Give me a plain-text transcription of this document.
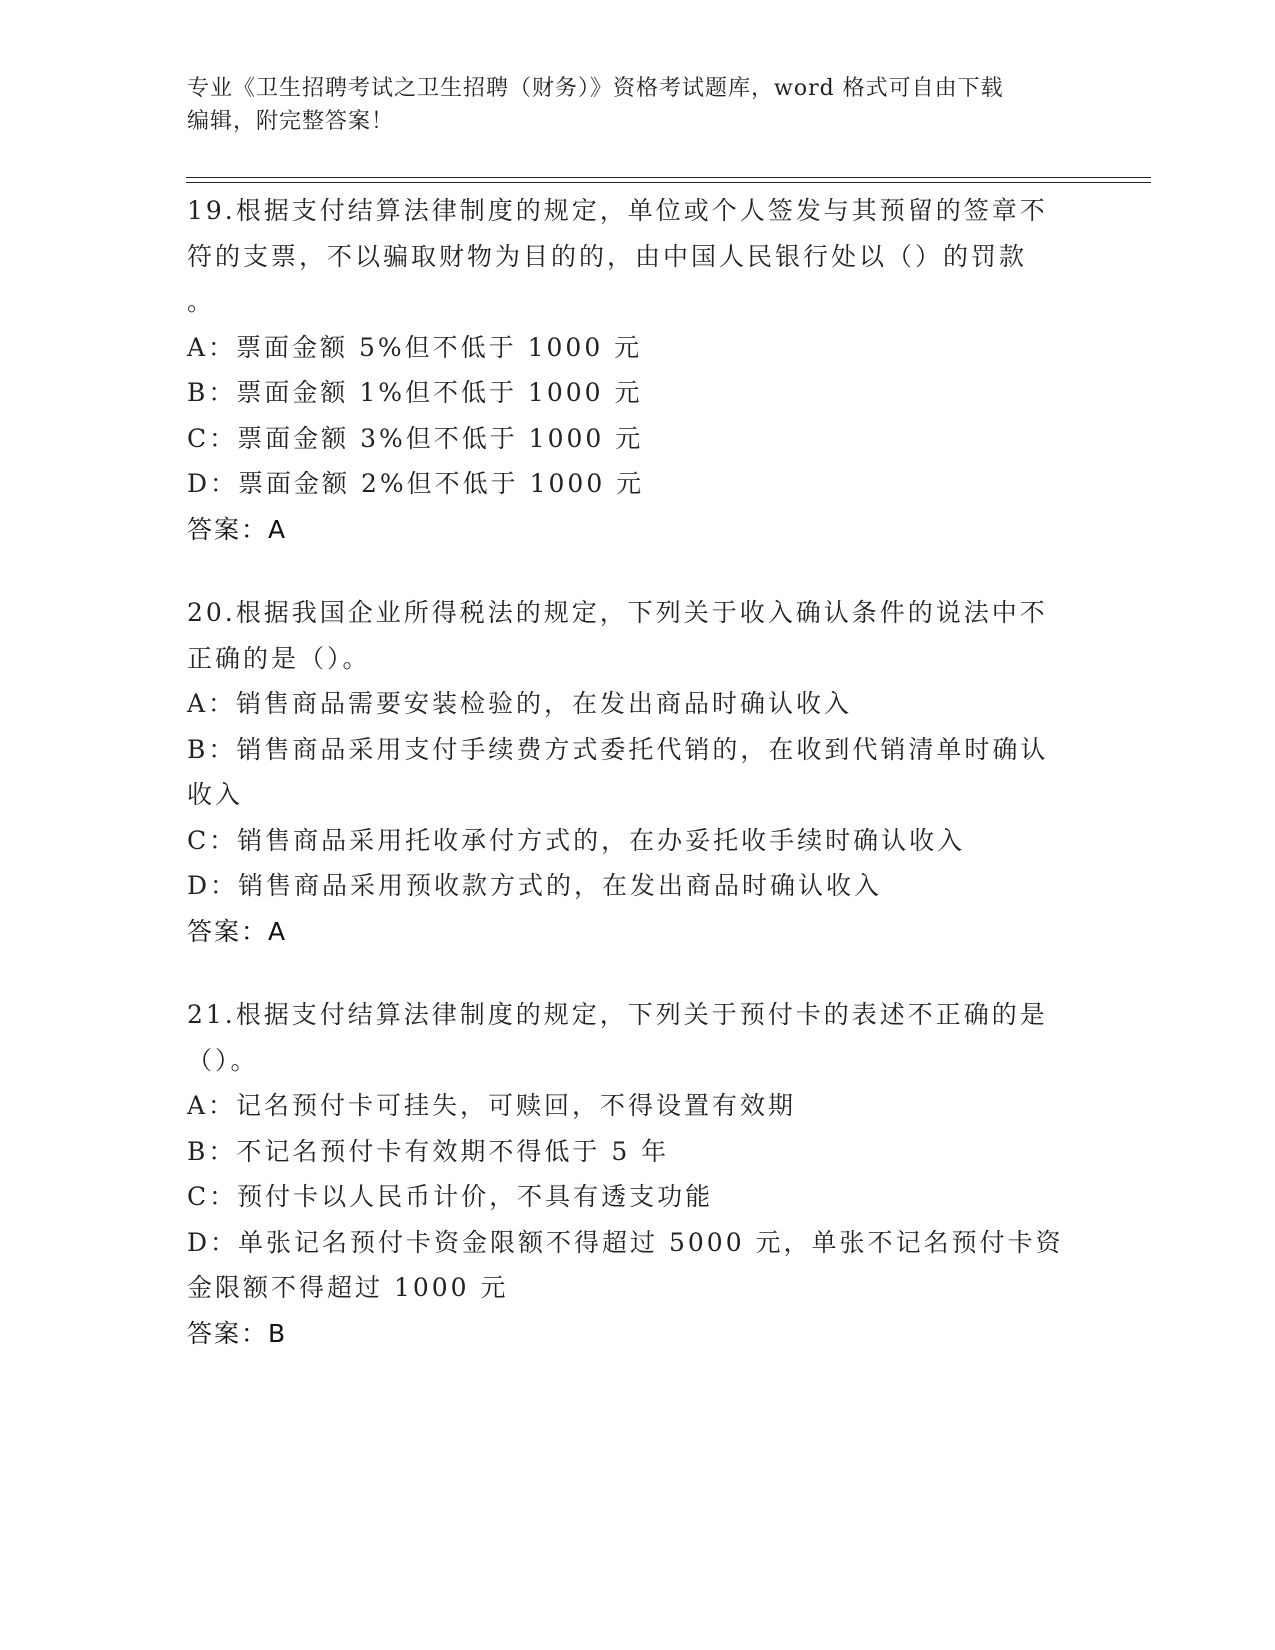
专业《卫生招聘考试之卫生招聘（财务）》资格考试题库，word 格式可自由下载
编辑，附完整答案！
19.根据支付结算法律制度的规定，单位或个人签发与其预留的签章不
符的支票，不以骗取财物为目的的，由中国人民银行处以（）的罚款
。
A：票面金额 5%但不低于 1000 元
B：票面金额 1%但不低于 1000 元
C：票面金额 3%但不低于 1000 元
D：票面金额 2%但不低于 1000 元
答案：A
20.根据我国企业所得税法的规定，下列关于收入确认条件的说法中不
正确的是（）。
A：销售商品需要安装检验的，在发出商品时确认收入
B：销售商品采用支付手续费方式委托代销的，在收到代销清单时确认
收入
C：销售商品采用托收承付方式的，在办妥托收手续时确认收入
D：销售商品采用预收款方式的，在发出商品时确认收入
答案：A
21.根据支付结算法律制度的规定，下列关于预付卡的表述不正确的是
（）。
A：记名预付卡可挂失，可赎回，不得设置有效期
B：不记名预付卡有效期不得低于 5 年
C：预付卡以人民币计价，不具有透支功能
D：单张记名预付卡资金限额不得超过 5000 元，单张不记名预付卡资
金限额不得超过 1000 元
答案：B
